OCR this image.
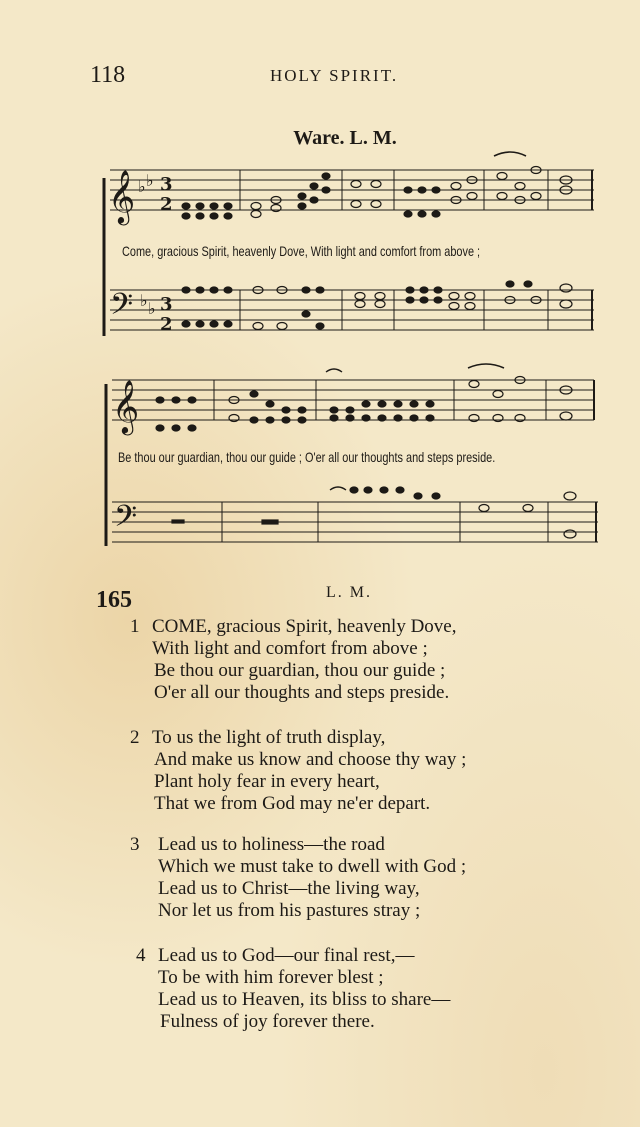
118	HOLY SPIRIT.
Ware. L. M.
𝄞 ♭ ♭ 3
2
𝄢 ♭ ♭ 3
2
𝄞
𝄢
Come, gracious Spirit, heavenly Dove, With light and comfort from above ;
Be thou our guardian, thou our guide ; O'er all our thoughts and steps preside.
165	L. M.
1 COME, gracious Spirit, heavenly Dove,
With light and comfort from above ;
Be thou our guardian, thou our guide ;
O'er all our thoughts and steps preside.
2 To us the light of truth display,
And make us know and choose thy way ;
Plant holy fear in every heart,
That we from God may ne'er depart.
3 Lead us to holiness—the road
Which we must take to dwell with God ;
Lead us to Christ—the living way,
Nor let us from his pastures stray ;
4 Lead us to God—our final rest,—
To be with him forever blest ;
Lead us to Heaven, its bliss to share—
Fulness of joy forever there.
